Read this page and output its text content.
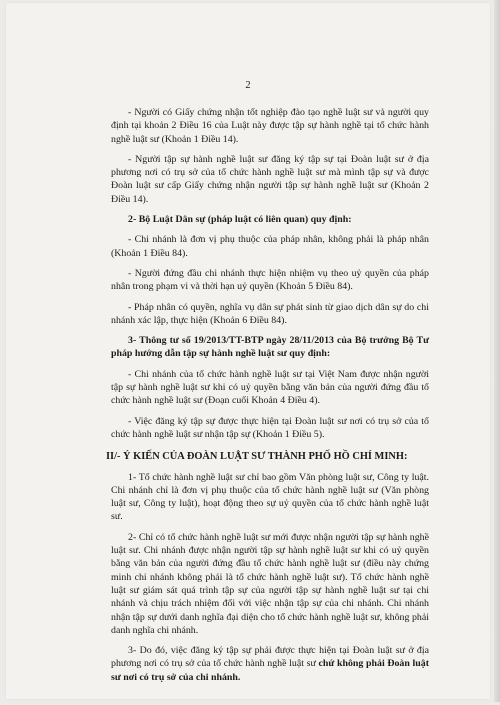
2

- Người có Giấy chứng nhận tốt nghiệp đào tạo nghề luật sư và người quy định tại khoản 2 Điều 16 của Luật này được tập sự hành nghề tại tổ chức hành nghề luật sư (Khoản 1 Điều 14).

- Người tập sự hành nghề luật sư đăng ký tập sự tại Đoàn luật sư ở địa phương nơi có trụ sở của tổ chức hành nghề luật sư mà mình tập sự và được Đoàn luật sư cấp Giấy chứng nhận người tập sự hành nghề luật sư (Khoản 2 Điều 14).

2- Bộ Luật Dân sự (pháp luật có liên quan) quy định:

- Chi nhánh là đơn vị phụ thuộc của pháp nhân, không phải là pháp nhân (Khoản 1 Điều 84).

- Người đứng đầu chi nhánh thực hiện nhiệm vụ theo uỷ quyền của pháp nhân trong phạm vi và thời hạn uỷ quyền (Khoản 5 Điều 84).

- Pháp nhân có quyền, nghĩa vụ dân sự phát sinh từ giao dịch dân sự do chi nhánh xác lập, thực hiện (Khoản 6 Điều 84).

3- Thông tư số 19/2013/TT-BTP ngày 28/11/2013 của Bộ trưởng Bộ Tư pháp hướng dẫn tập sự hành nghề luật sư quy định:

- Chi nhánh của tổ chức hành nghề luật sư tại Việt Nam được nhận người tập sự hành nghề luật sư khi có uỷ quyền bằng văn bản của người đứng đầu tổ chức hành nghề luật sư (Đoạn cuối Khoản 4 Điều 4).

- Việc đăng ký tập sự được thực hiện tại Đoàn luật sư nơi có trụ sở của tổ chức hành nghề luật sư nhận tập sự (Khoản 1 Điều 5).

II/- Ý KIẾN CỦA ĐOÀN LUẬT SƯ THÀNH PHỐ HỒ CHÍ MINH:

1- Tổ chức hành nghề luật sư chỉ bao gồm Văn phòng luật sư, Công ty luật. Chi nhánh chỉ là đơn vị phụ thuộc của tổ chức hành nghề luật sư (Văn phòng luật sư, Công ty luật), hoạt động theo sự uỷ quyền của tổ chức hành nghề luật sư.

2- Chỉ có tổ chức hành nghề luật sư mới được nhận người tập sự hành nghề luật sư. Chi nhánh được nhận người tập sự hành nghề luật sư khi có uỷ quyền bằng văn bản của người đứng đầu tổ chức hành nghề luật sư (điều này chứng minh chi nhánh không phải là tổ chức hành nghề luật sư). Tổ chức hành nghề luật sư giám sát quá trình tập sự của người tập sự hành nghề luật sư tại chi nhánh và chịu trách nhiệm đối với việc nhận tập sự của chi nhánh. Chi nhánh nhận tập sự dưới danh nghĩa đại diện cho tổ chức hành nghề luật sư, không phải danh nghĩa chi nhánh.

3- Do đó, việc đăng ký tập sự phải được thực hiện tại Đoàn luật sư ở địa phương nơi có trụ sở của tổ chức hành nghề luật sư chứ không phải Đoàn luật sư nơi có trụ sở của chi nhánh.
